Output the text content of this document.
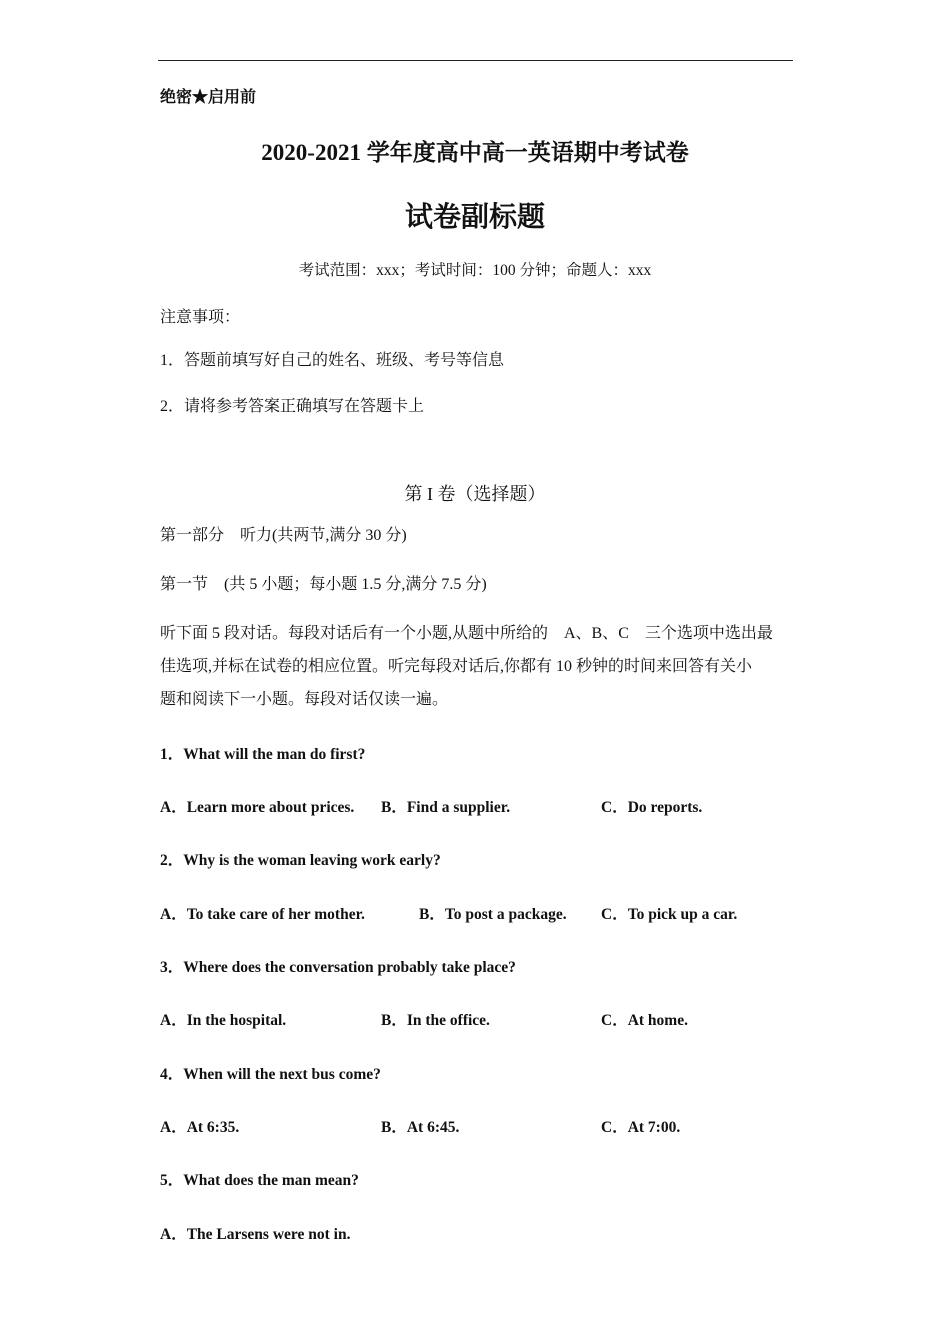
绝密★启用前
2020-2021 学年度高中高一英语期中考试卷
试卷副标题
考试范围：xxx；考试时间：100 分钟；命题人：xxx
注意事项：
1．答题前填写好自己的姓名、班级、考号等信息
2．请将参考答案正确填写在答题卡上
第 I 卷（选择题）
第一部分　听力(共两节,满分 30 分)
第一节　(共 5 小题；每小题 1.5 分,满分 7.5 分)
听下面 5 段对话。每段对话后有一个小题,从题中所给的　A、B、C　三个选项中选出最
佳选项,并标在试卷的相应位置。听完每段对话后,你都有 10 秒钟的时间来回答有关小
题和阅读下一小题。每段对话仅读一遍。
1．What will the man do first?
A．Learn more about prices. B．Find a supplier.	C．Do reports.
2．Why is the woman leaving work early?
A．To take care of her mother.	B．To post a package. C．To pick up a car.
3．Where does the conversation probably take place?
A．In the hospital.	B．In the office.	C．At home.
4．When will the next bus come?
A．At 6:35.	B．At 6:45.	C．At 7:00.
5．What does the man mean?
A．The Larsens were not in.
